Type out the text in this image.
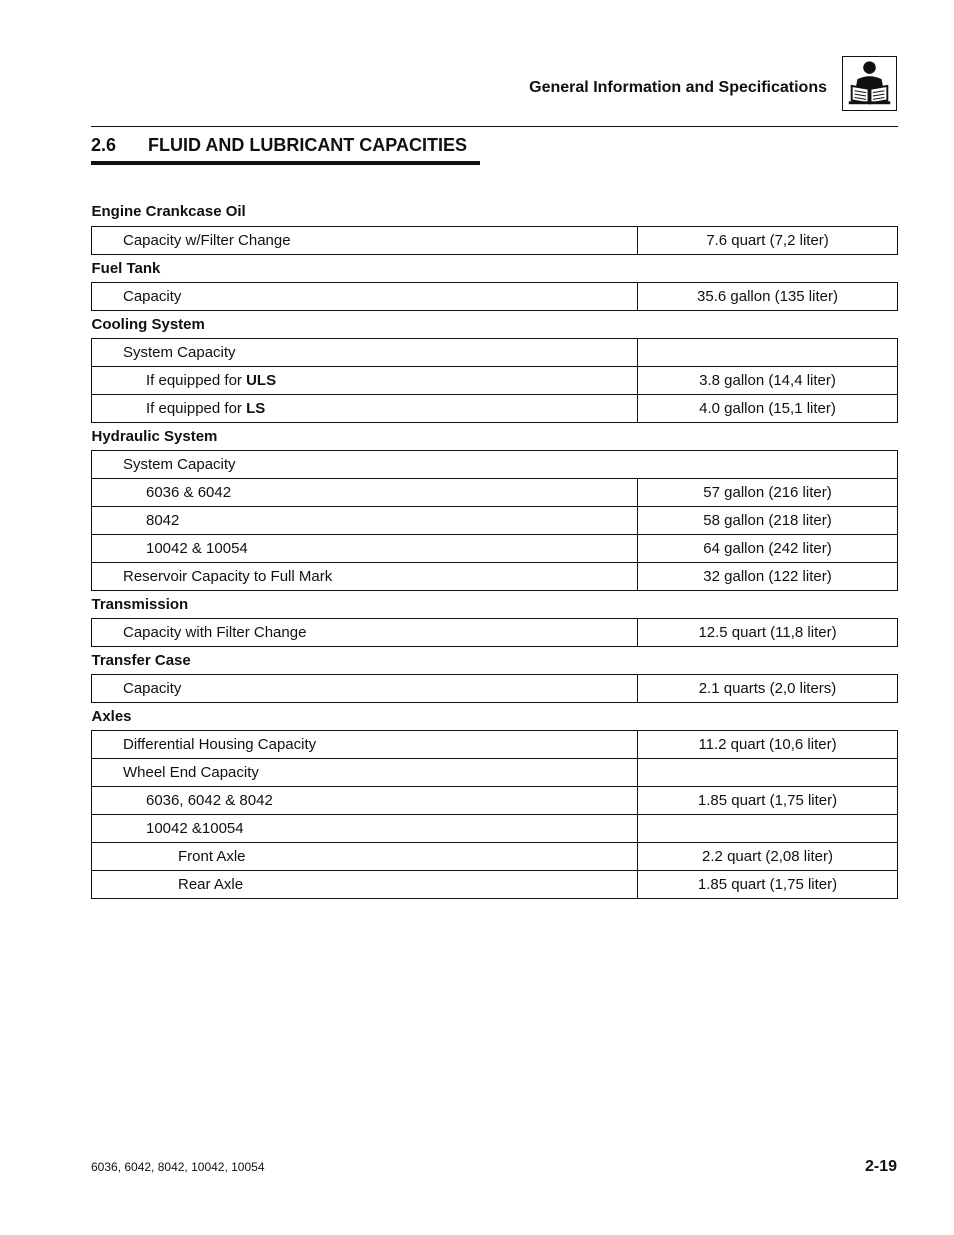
General Information and Specifications
2.6 FLUID AND LUBRICANT CAPACITIES
Engine Crankcase Oil	
Capacity w/Filter Change	7.6 quart (7,2 liter)
Fuel Tank	
Capacity	35.6 gallon (135 liter)
Cooling System	
System Capacity	
If equipped for ULS	3.8 gallon (14,4 liter)
If equipped for LS	4.0 gallon (15,1 liter)
Hydraulic System	
System Capacity	
6036 & 6042	57 gallon (216 liter)
8042	58 gallon (218 liter)
10042 & 10054	64 gallon (242 liter)
Reservoir Capacity to Full Mark	32 gallon (122 liter)
Transmission	
Capacity with Filter Change	12.5 quart (11,8 liter)
Transfer Case	
Capacity	2.1 quarts (2,0 liters)
Axles	
Differential Housing Capacity	11.2 quart (10,6 liter)
Wheel End Capacity	
6036, 6042 & 8042	1.85 quart (1,75 liter)
10042 &10054	
Front Axle	2.2 quart (2,08 liter)
Rear Axle	1.85 quart (1,75 liter)
6036, 6042, 8042, 10042, 10054	2-19
